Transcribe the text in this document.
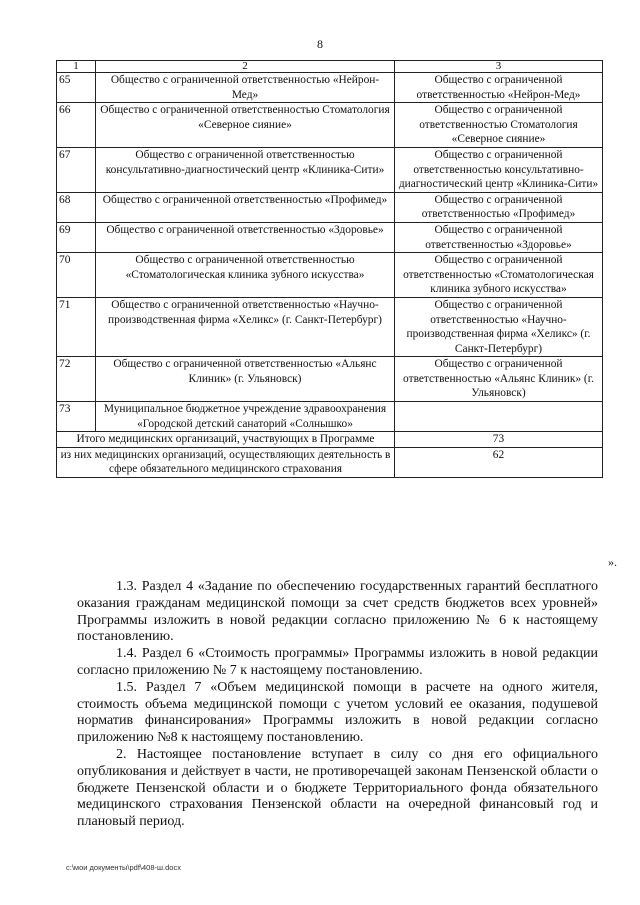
8
1	2	3
65	Общество с ограниченной ответственностью «Нейрон-Мед»	Общество с ограниченной ответственностью «Нейрон-Мед»
66	Общество с ограниченной ответственностью Стоматология «Северное сияние»	Общество с ограниченной ответственностью Стоматология «Северное сияние»
67	Общество с ограниченной ответственностью консультативно-диагностический центр «Клиника-Сити»	Общество с ограниченной ответственностью консультативно-диагностический центр «Клиника-Сити»
68	Общество с ограниченной ответственностью «Профимед»	Общество с ограниченной ответственностью «Профимед»
69	Общество с ограниченной ответственностью «Здоровье»	Общество с ограниченной ответственностью «Здоровье»
70	Общество с ограниченной ответственностью «Стоматологическая клиника зубного искусства»	Общество с ограниченной ответственностью «Стоматологическая клиника зубного искусства»
71	Общество с ограниченной ответственностью «Научно-производственная фирма «Хеликс» (г. Санкт-Петербург)	Общество с ограниченной ответственностью «Научно-производственная фирма «Хеликс» (г. Санкт-Петербург)
72	Общество с ограниченной ответственностью «Альянс Клиник» (г. Ульяновск)	Общество с ограниченной ответственностью «Альянс Клиник» (г. Ульяновск)
73	Муниципальное бюджетное учреждение здравоохранения «Городской детский санаторий «Солнышко»	
Итого медицинских организаций, участвующих в Программе		73
из них медицинских организаций, осуществляющих деятельность в сфере обязательного медицинского страхования		62
».

1.3. Раздел 4 «Задание по обеспечению государственных гарантий бесплатного оказания гражданам медицинской помощи за счет средств бюджетов всех уровней» Программы изложить в новой редакции согласно приложению № 6 к настоящему постановлению.

1.4. Раздел 6 «Стоимость программы» Программы изложить в новой редакции согласно приложению № 7 к настоящему постановлению.

1.5. Раздел 7 «Объем медицинской помощи в расчете на одного жителя, стоимость объема медицинской помощи с учетом условий ее оказания, подушевой норматив финансирования» Программы изложить в новой редакции согласно приложению №8 к настоящему постановлению.

2. Настоящее постановление вступает в силу со дня его официального опубликования и действует в части, не противоречащей законам Пензенской области о бюджете Пензенской области и о бюджете Территориального фонда обязательного медицинского страхования Пензенской области на очередной финансовый год и плановый период.

c:\мои документы\pdf\408-ш.docx
